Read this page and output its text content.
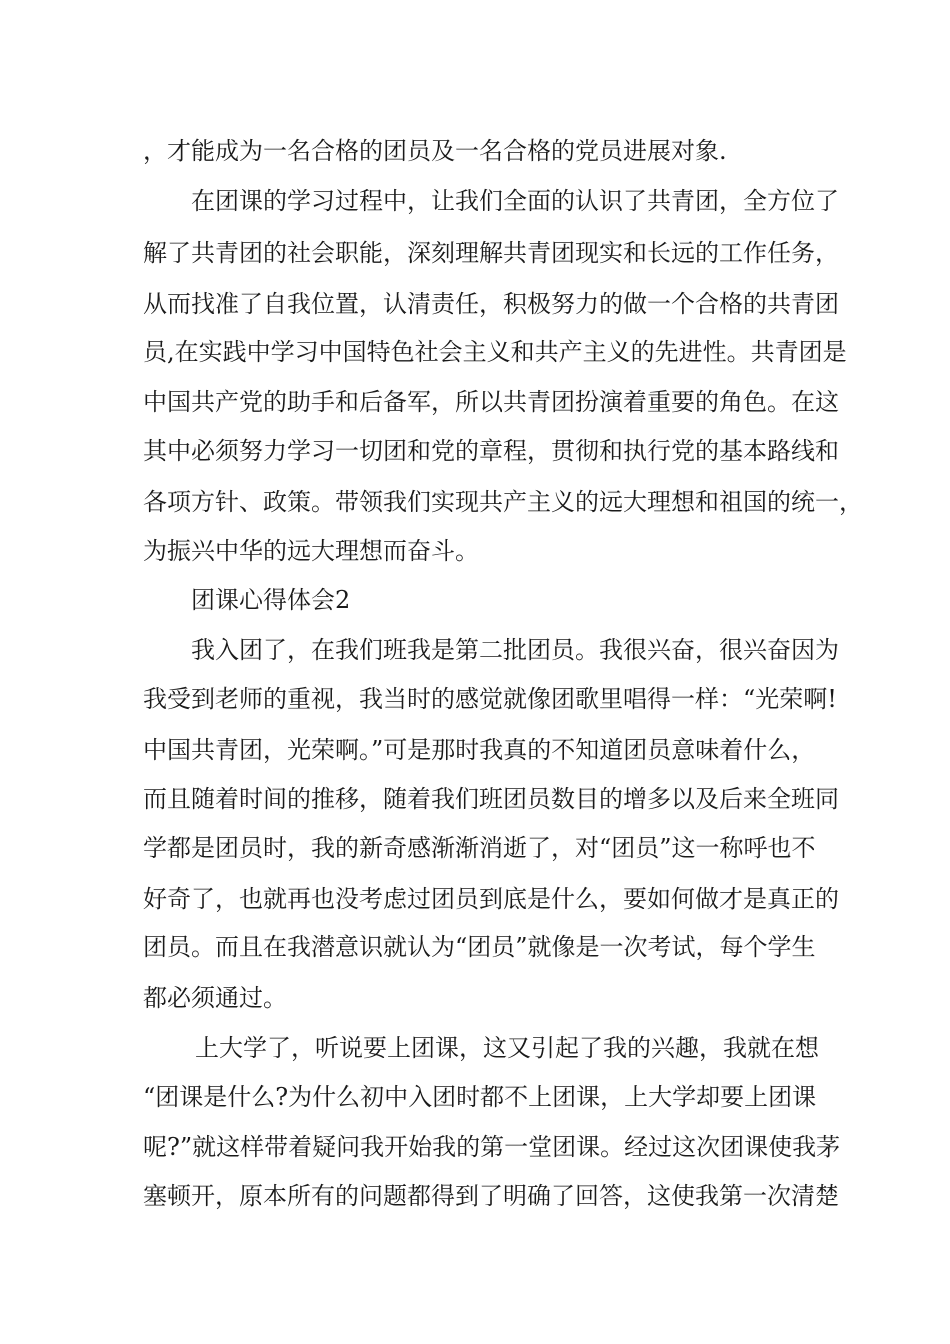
，才能成为一名合格的团员及一名合格的党员进展对象.
在团课的学习过程中，让我们全面的认识了共青团，全方位了
解了共青团的社会职能，深刻理解共青团现实和长远的工作任务，
从而找准了自我位置，认清责任，积极努力的做一个合格的共青团
员,在实践中学习中国特色社会主义和共产主义的先进性。共青团是
中国共产党的助手和后备军，所以共青团扮演着重要的角色。在这
其中必须努力学习一切团和党的章程，贯彻和执行党的基本路线和
各项方针、政策。带领我们实现共产主义的远大理想和祖国的统一，
为振兴中华的远大理想而奋斗。
团课心得体会2
我入团了，在我们班我是第二批团员。我很兴奋，很兴奋因为
我受到老师的重视，我当时的感觉就像团歌里唱得一样：“光荣啊!
中国共青团，光荣啊。”可是那时我真的不知道团员意味着什么，
而且随着时间的推移，随着我们班团员数目的增多以及后来全班同
学都是团员时，我的新奇感渐渐消逝了，对“团员”这一称呼也不
好奇了，也就再也没考虑过团员到底是什么，要如何做才是真正的
团员。而且在我潜意识就认为“团员”就像是一次考试，每个学生
都必须通过。
上大学了，听说要上团课，这又引起了我的兴趣，我就在想
“团课是什么?为什么初中入团时都不上团课，上大学却要上团课
呢?”就这样带着疑问我开始我的第一堂团课。经过这次团课使我茅
塞顿开，原本所有的问题都得到了明确了回答，这使我第一次清楚
